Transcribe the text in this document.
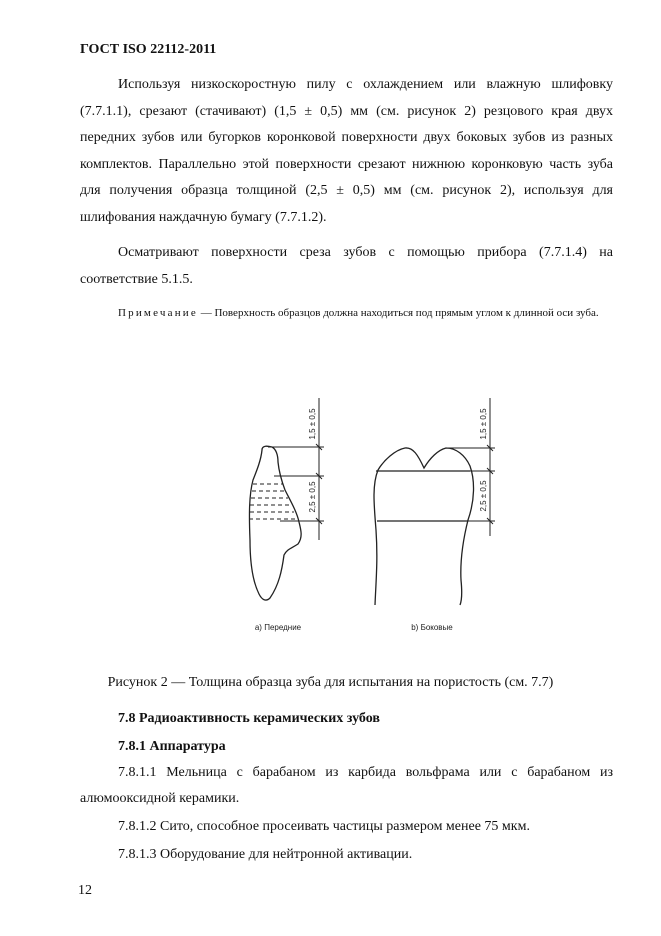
ГОСТ ISO 22112-2011

Используя низкоскоростную пилу с охлаждением или влажную шлифовку (7.7.1.1), срезают (стачивают) (1,5 ± 0,5) мм (см. рисунок 2) резцового края двух передних зубов или бугорков коронковой поверхности двух боковых зубов из разных комплектов. Параллельно этой поверхности срезают нижнюю коронковую часть зуба для получения образца толщиной (2,5 ± 0,5) мм (см. рисунок 2), используя для шлифования наждачную бумагу (7.7.1.2).

Осматривают поверхности среза зубов с помощью прибора (7.7.1.4) на соответствие 5.1.5.

Примечание — Поверхность образцов должна находиться под прямым углом к длинной оси зуба.

1,5 ± 0,5
2,5 ± 0,5
1,5 ± 0,5
2,5 ± 0,5
a) Передние	b) Боковые
Рисунок 2 — Толщина образца зуба для испытания на пористость (см. 7.7)
7.8 Радиоактивность керамических зубов
7.8.1 Аппаратура

7.8.1.1 Мельница с барабаном из карбида вольфрама или с барабаном из алюмооксидной керамики.

7.8.1.2 Сито, способное просеивать частицы размером менее 75 мкм.

7.8.1.3 Оборудование для нейтронной активации.

12
